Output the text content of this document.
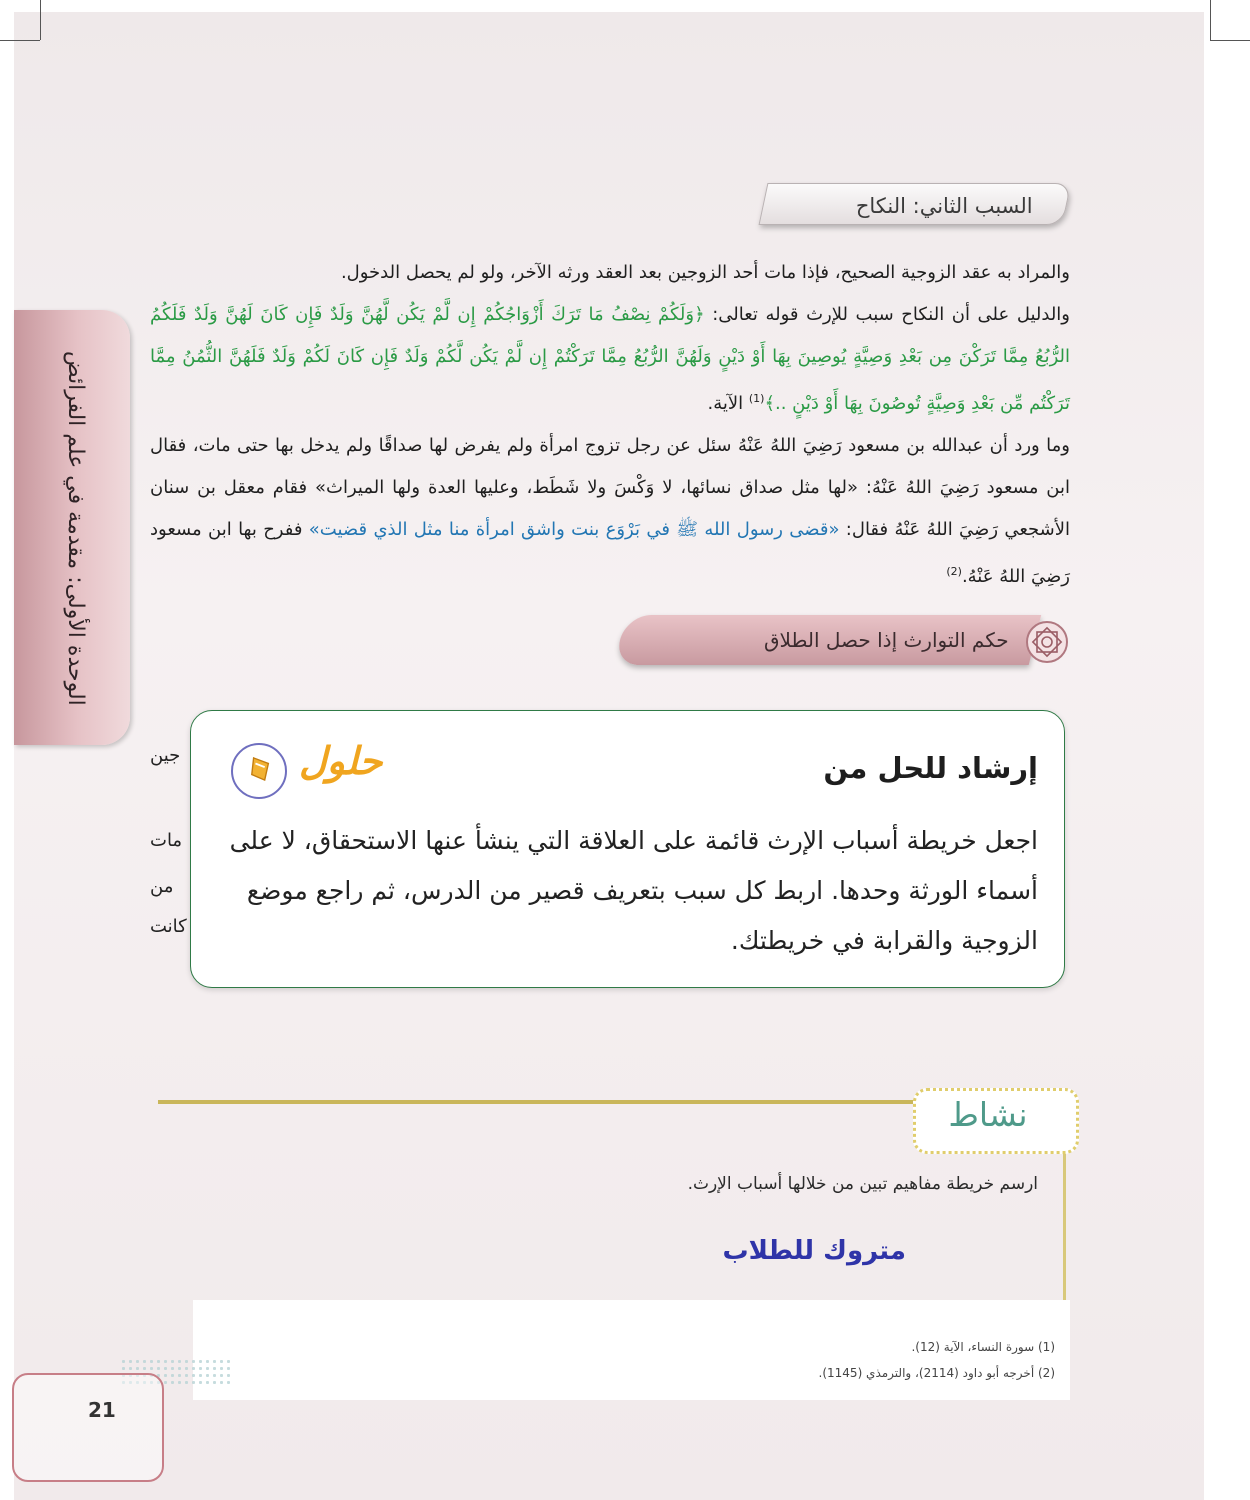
الوحدة الأولى: مقدمة في علم الفرائض
السبب الثاني: النكاح
والمراد به عقد الزوجية الصحيح، فإذا مات أحد الزوجين بعد العقد ورثه الآخر، ولو لم يحصل الدخول.
والدليل على أن النكاح سبب للإرث قوله تعالى: ﴿وَلَكُمْ نِصْفُ مَا تَرَكَ أَزْوَاجُكُمْ إِن لَّمْ يَكُن لَّهُنَّ وَلَدٌ فَإِن كَانَ لَهُنَّ وَلَدٌ فَلَكُمُ الرُّبُعُ مِمَّا تَرَكْنَ مِن بَعْدِ وَصِيَّةٍ يُوصِينَ بِهَا أَوْ دَيْنٍ وَلَهُنَّ الرُّبُعُ مِمَّا تَرَكْتُمْ إِن لَّمْ يَكُن لَّكُمْ وَلَدٌ فَإِن كَانَ لَكُمْ وَلَدٌ فَلَهُنَّ الثُّمُنُ مِمَّا تَرَكْتُم مِّن بَعْدِ وَصِيَّةٍ تُوصُونَ بِهَا أَوْ دَيْنٍ ..﴾$^{(1)}$ الآية.
وما ورد أن عبدالله بن مسعود رَضِيَ اللهُ عَنْهُ سئل عن رجل تزوج امرأة ولم يفرض لها صداقًا ولم يدخل بها حتى مات، فقال ابن مسعود رَضِيَ اللهُ عَنْهُ: «لها مثل صداق نسائها، لا وَكْسَ ولا شَطَط، وعليها العدة ولها الميراث» فقام معقل بن سنان الأشجعي رَضِيَ اللهُ عَنْهُ فقال: «قضى رسول الله ﷺ في بَرْوَع بنت واشق امرأة منا مثل الذي قضيت» ففرح بها ابن مسعود رَضِيَ اللهُ عَنْهُ.$^{(2)}$
حكم التوارث إذا حصل الطلاق
جين
مات
من
كانت
إرشاد للحل من
حلول
اجعل خريطة أسباب الإرث قائمة على العلاقة التي ينشأ عنها الاستحقاق، لا على أسماء الورثة وحدها. اربط كل سبب بتعريف قصير من الدرس، ثم راجع موضع الزوجية والقرابة في خريطتك.
نشاط
ارسم خريطة مفاهيم تبين من خلالها أسباب الإرث.
متروك للطلاب
(1) سورة النساء، الآية (12).
(2) أخرجه أبو داود (2114)، والترمذي (1145).
21
